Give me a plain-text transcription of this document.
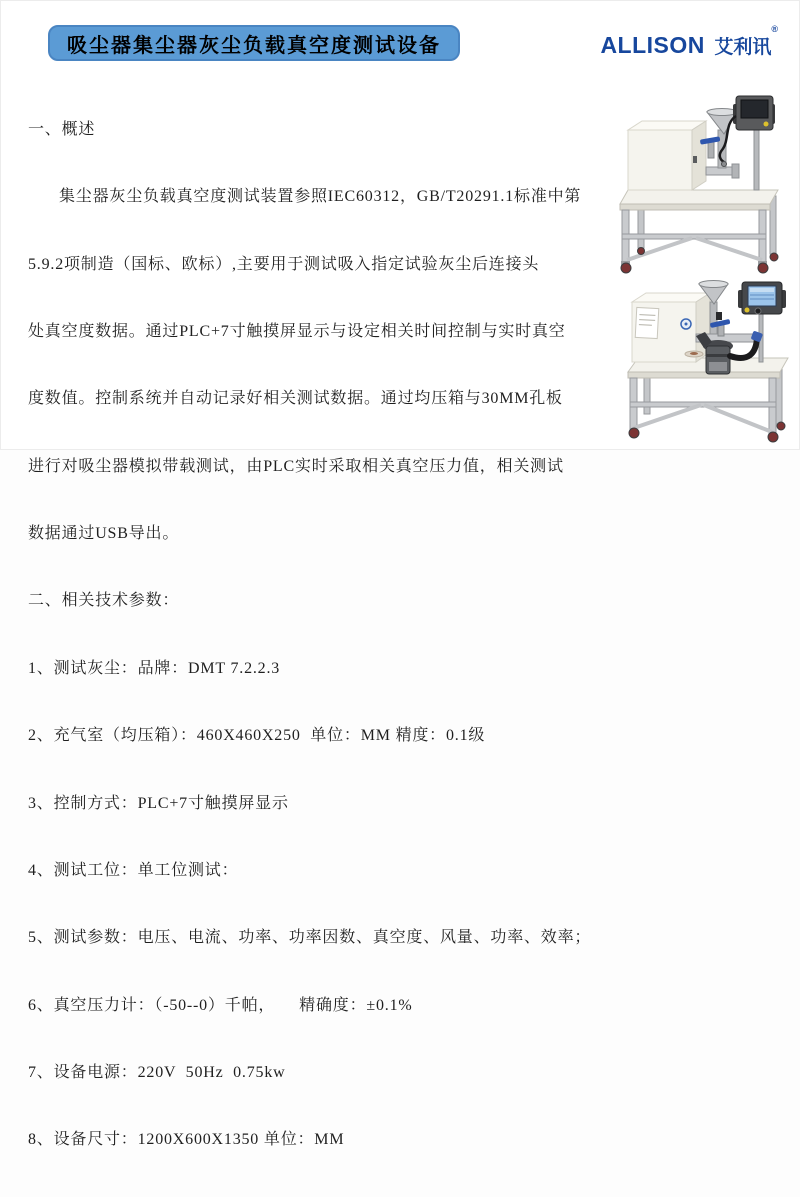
吸尘器集尘器灰尘负载真空度测试设备	ALLISON 艾利讯®

一、概述

集尘器灰尘负载真空度测试装置参照IEC60312，GB/T20291.1标准中第

5.9.2项制造（国标、欧标）,主要用于测试吸入指定试验灰尘后连接头

处真空度数据。通过PLC+7寸触摸屏显示与设定相关时间控制与实时真空

度数值。控制系统并自动记录好相关测试数据。通过均压箱与30MM孔板

进行对吸尘器模拟带载测试，由PLC实时采取相关真空压力值，相关测试

数据通过USB导出。

二、相关技术参数：

1、测试灰尘：品牌：DMT 7.2.2.3

2、充气室（均压箱）：460X460X250  单位：MM 精度：0.1级

3、控制方式：PLC+7寸触摸屏显示

4、测试工位：单工位测试：

5、测试参数：电压、电流、功率、功率因数、真空度、风量、功率、效率；

6、真空压力计：（-50--0）千帕，     精确度：±0.1%

7、设备电源：220V  50Hz  0.75kw

8、设备尺寸：1200X600X1350 单位：MM
